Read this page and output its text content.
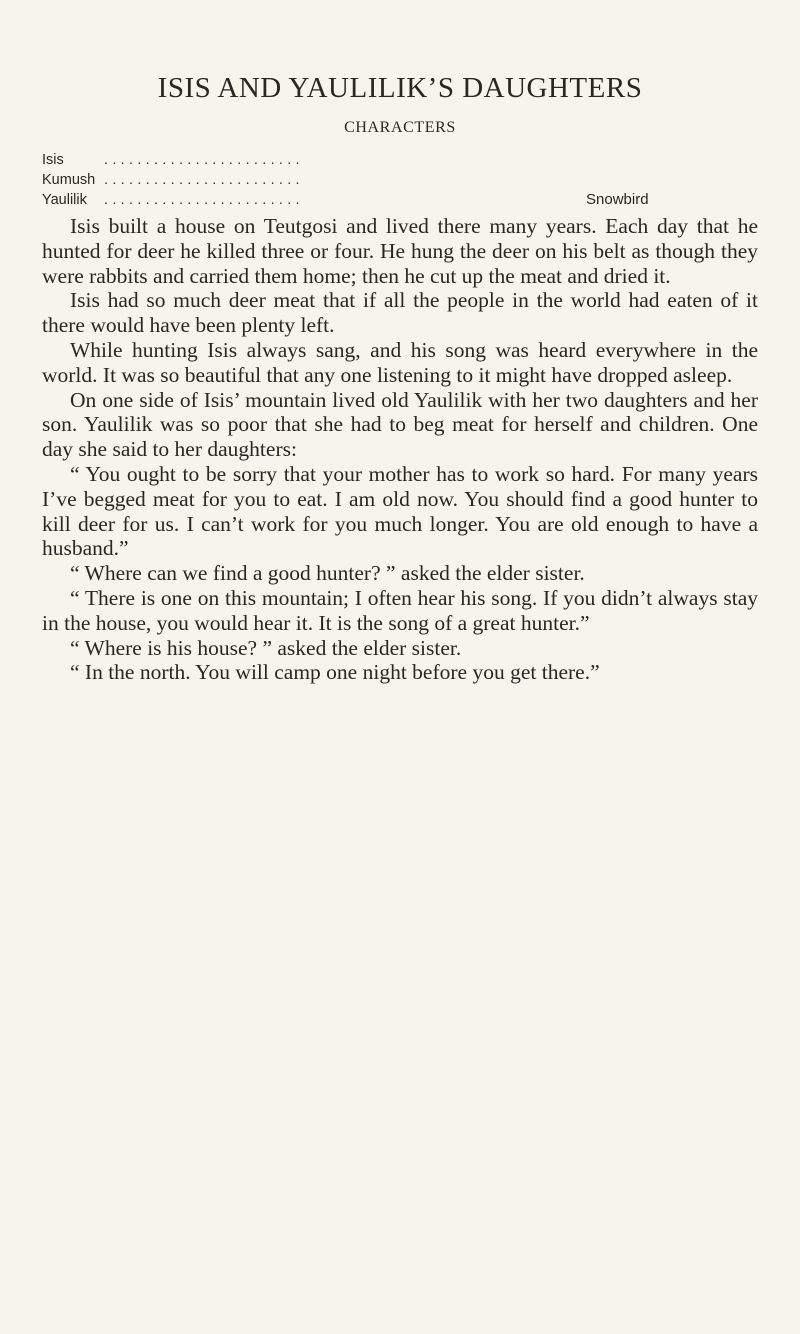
ISIS AND YAULILIK’S DAUGHTERS
CHARACTERS
Isis	........................
Kumush ........................
Yaulilik	........................	Snowbird

Isis built a house on Teutgosi and lived there many years. Each day that he hunted for deer he killed three or four. He hung the deer on his belt as though they were rabbits and carried them home; then he cut up the meat and dried it.

Isis had so much deer meat that if all the people in the world had eaten of it there would have been plenty left.

While hunting Isis always sang, and his song was heard everywhere in the world. It was so beautiful that any one listening to it might have dropped asleep.

On one side of Isis’ mountain lived old Yaulilik with her two daughters and her son. Yaulilik was so poor that she had to beg meat for herself and children. One day she said to her daughters:

“ You ought to be sorry that your mother has to work so hard. For many years I’ve begged meat for you to eat. I am old now. You should find a good hunter to kill deer for us. I can’t work for you much longer. You are old enough to have a husband.”

“ Where can we find a good hunter? ” asked the elder sister.

“ There is one on this mountain; I often hear his song. If you didn’t always stay in the house, you would hear it. It is the song of a great hunter.”

“ Where is his house? ” asked the elder sister.

“ In the north. You will camp one night before you get there.”
